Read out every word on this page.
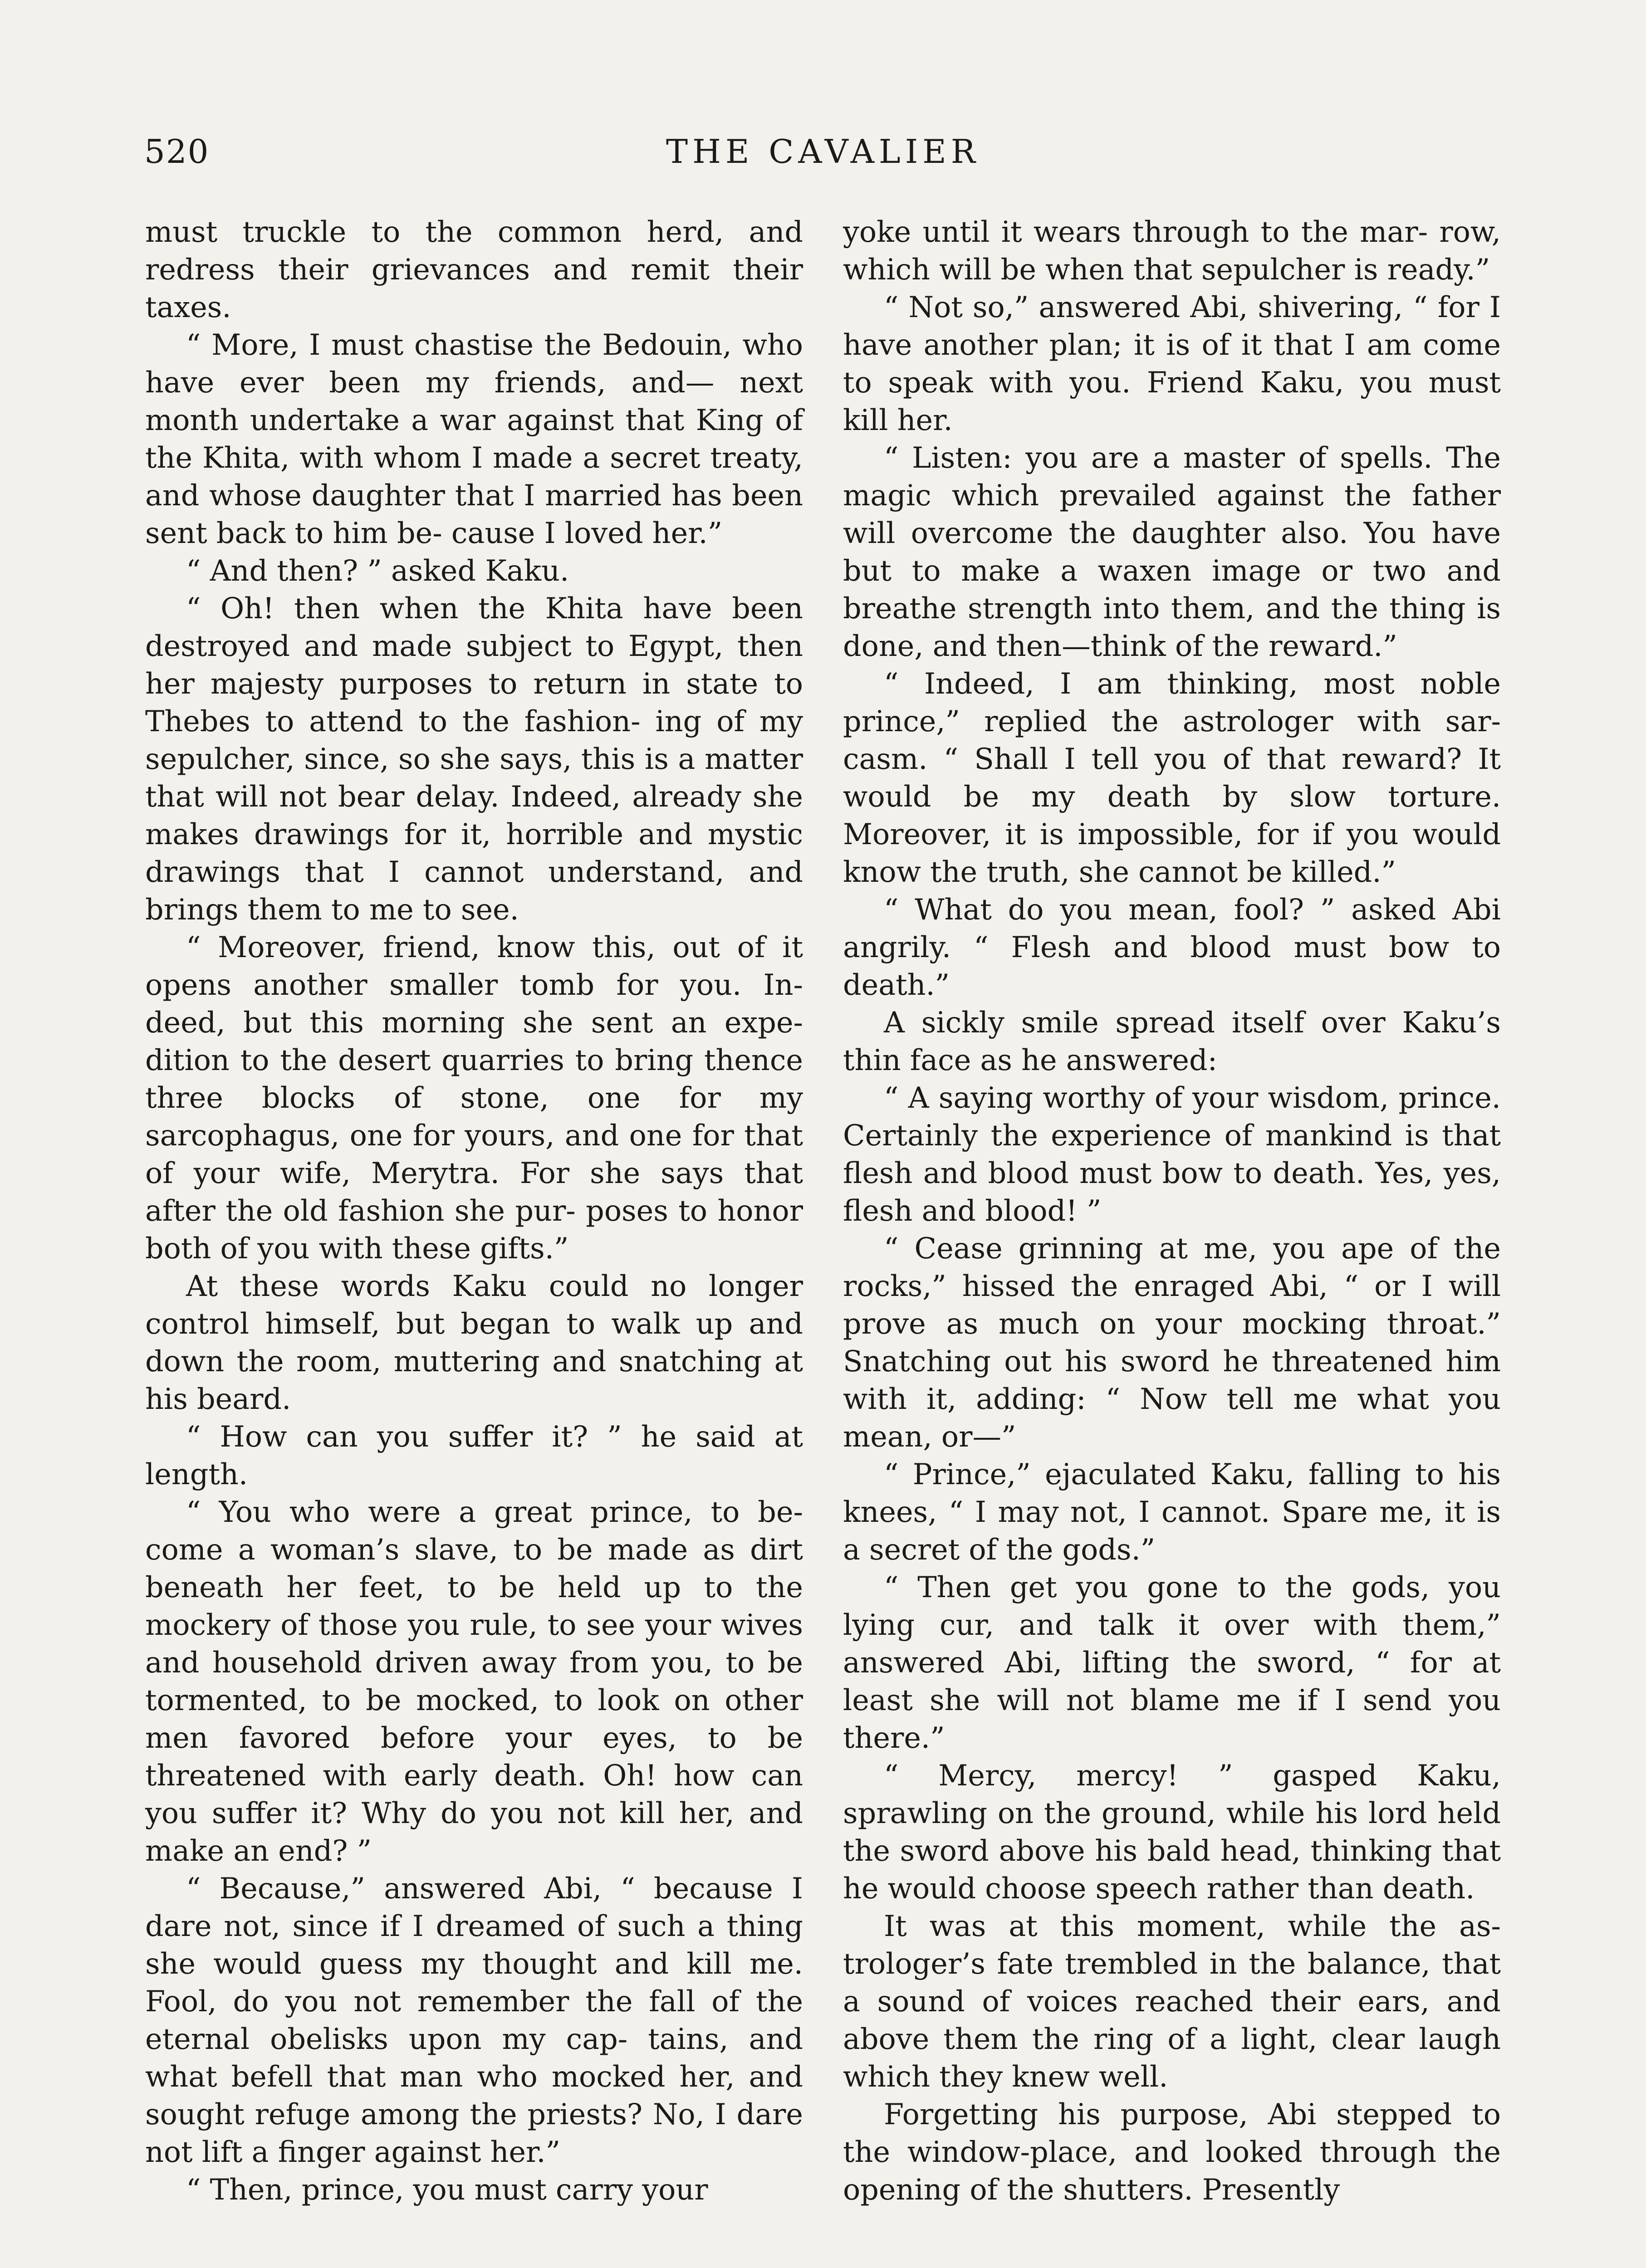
520	THE CAVALIER

must truckle to the common herd, and redress their grievances and remit their taxes.

“ More, I must chastise the Bedouin, who have ever been my friends, and— next month undertake a war against that King of the Khita, with whom I made a secret treaty, and whose daughter that I married has been sent back to him be- cause I loved her.”

“ And then? ” asked Kaku.

“ Oh! then when the Khita have been destroyed and made subject to Egypt, then her majesty purposes to return in state to Thebes to attend to the fashion- ing of my sepulcher, since, so she says, this is a matter that will not bear delay. Indeed, already she makes drawings for it, horrible and mystic drawings that I cannot understand, and brings them to me to see.

“ Moreover, friend, know this, out of it opens another smaller tomb for you. In- deed, but this morning she sent an expe- dition to the desert quarries to bring thence three blocks of stone, one for my sarcophagus, one for yours, and one for that of your wife, Merytra. For she says that after the old fashion she pur- poses to honor both of you with these gifts.”

At these words Kaku could no longer control himself, but began to walk up and down the room, muttering and snatching at his beard.

“ How can you suffer it? ” he said at length.

“ You who were a great prince, to be- come a woman’s slave, to be made as dirt beneath her feet, to be held up to the mockery of those you rule, to see your wives and household driven away from you, to be tormented, to be mocked, to look on other men favored before your eyes, to be threatened with early death. Oh! how can you suffer it? Why do you not kill her, and make an end? ”

“ Because,” answered Abi, “ because I dare not, since if I dreamed of such a thing she would guess my thought and kill me. Fool, do you not remember the fall of the eternal obelisks upon my cap- tains, and what befell that man who mocked her, and sought refuge among the priests? No, I dare not lift a finger against her.”

“ Then, prince, you must carry your

yoke until it wears through to the mar- row, which will be when that sepulcher is ready.”

“ Not so,” answered Abi, shivering, “ for I have another plan; it is of it that I am come to speak with you. Friend Kaku, you must kill her.

“ Listen: you are a master of spells. The magic which prevailed against the father will overcome the daughter also. You have but to make a waxen image or two and breathe strength into them, and the thing is done, and then—think of the reward.”

“ Indeed, I am thinking, most noble prince,” replied the astrologer with sar- casm. “ Shall I tell you of that reward? It would be my death by slow torture. Moreover, it is impossible, for if you would know the truth, she cannot be killed.”

“ What do you mean, fool? ” asked Abi angrily. “ Flesh and blood must bow to death.”

A sickly smile spread itself over Kaku’s thin face as he answered:

“ A saying worthy of your wisdom, prince. Certainly the experience of mankind is that flesh and blood must bow to death. Yes, yes, flesh and blood! ”

“ Cease grinning at me, you ape of the rocks,” hissed the enraged Abi, “ or I will prove as much on your mocking throat.” Snatching out his sword he threatened him with it, adding: “ Now tell me what you mean, or—”

“ Prince,” ejaculated Kaku, falling to his knees, “ I may not, I cannot. Spare me, it is a secret of the gods.”

“ Then get you gone to the gods, you lying cur, and talk it over with them,” answered Abi, lifting the sword, “ for at least she will not blame me if I send you there.”

“ Mercy, mercy! ” gasped Kaku, sprawling on the ground, while his lord held the sword above his bald head, thinking that he would choose speech rather than death.

It was at this moment, while the as- trologer’s fate trembled in the balance, that a sound of voices reached their ears, and above them the ring of a light, clear laugh which they knew well.

Forgetting his purpose, Abi stepped to the window-place, and looked through the opening of the shutters. Presently
